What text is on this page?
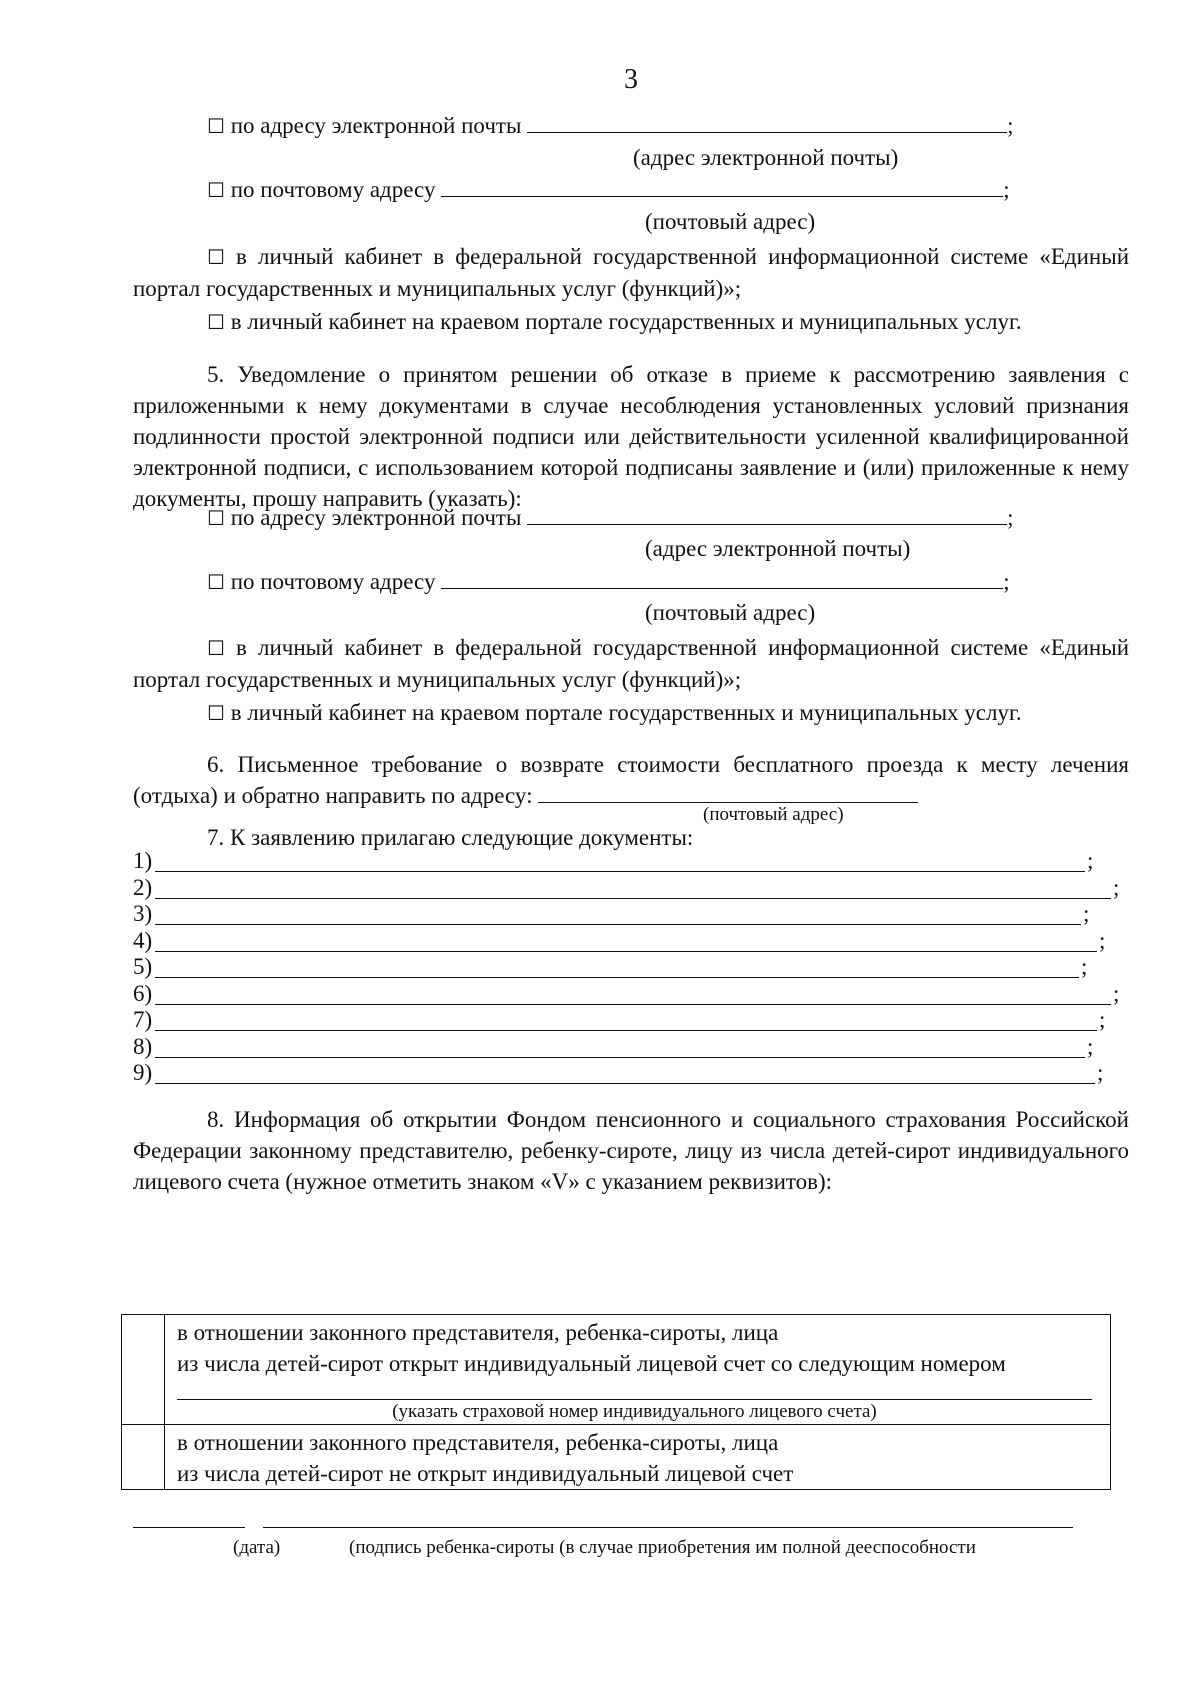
3
☐ по адресу электронной почты	;
(адрес электронной почты)
☐ по почтовому адресу	;
(почтовый адрес)
☐ в личный кабинет в федеральной государственной информационной системе «Единый портал государственных и муниципальных услуг (функций)»;
☐ в личный кабинет на краевом портале государственных и муниципальных услуг.
5. Уведомление о принятом решении об отказе в приеме к рассмотрению заявления с приложенными к нему документами в случае несоблюдения установленных условий признания подлинности простой электронной подписи или действительности усиленной квалифицированной электронной подписи, с использованием которой подписаны заявление и (или) приложенные к нему документы, прошу направить (указать):
☐ по адресу электронной почты	;
(адрес электронной почты)
☐ по почтовому адресу	;
(почтовый адрес)
☐ в личный кабинет в федеральной государственной информационной системе «Единый портал государственных и муниципальных услуг (функций)»;
☐ в личный кабинет на краевом портале государственных и муниципальных услуг.
6. Письменное требование о возврате стоимости бесплатного проезда к месту лечения (отдыха) и обратно направить по адресу:
(почтовый адрес)
7. К заявлению прилагаю следующие документы:
1)	;
2)	;
3)	;
4)	;
5)	;
6)	;
7)	;
8)	;
9)	;
8. Информация об открытии Фондом пенсионного и социального страхования Российской Федерации законному представителю, ребенку-сироте, лицу из числа детей-сирот индивидуального лицевого счета (нужное отметить знаком «V» с указанием реквизитов):

	в отношении законного представителя, ребенка-сироты, лица
из числа детей-сирот открыт индивидуальный лицевой счет со следующим номером
(указать страховой номер индивидуального лицевого счета)

	в отношении законного представителя, ребенка-сироты, лица
из числа детей-сирот не открыт индивидуальный лицевой счет
(дата)	(подпись ребенка-сироты (в случае приобретения им полной дееспособности
